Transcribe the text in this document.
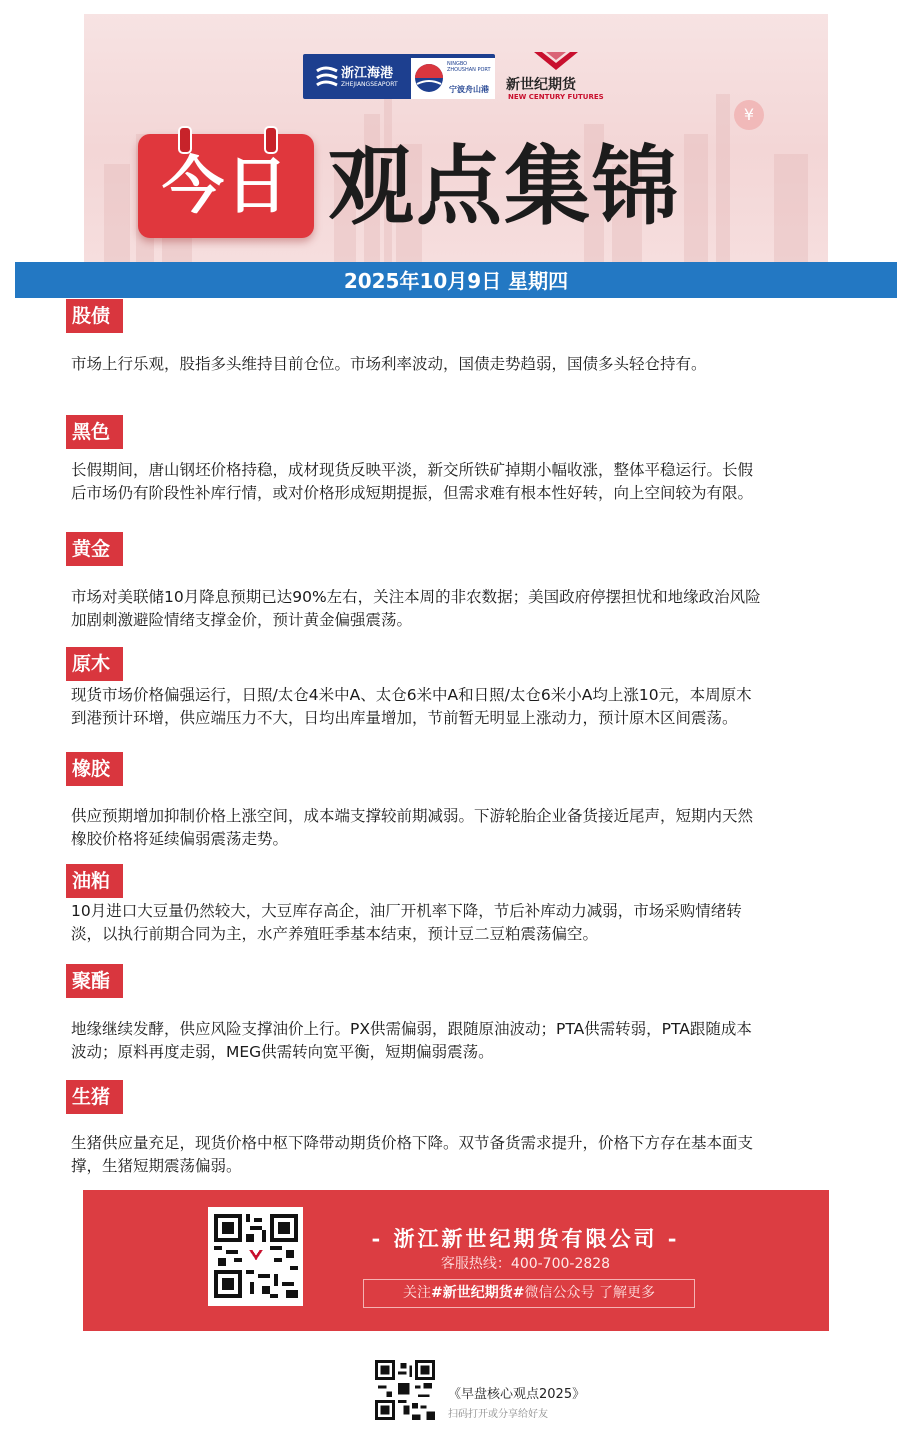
浙江海港
ZHEJIANGSEAPORT
NINGBO ZHOUSHAN PORT
宁波舟山港 新世纪期货
NEW CENTURY FUTURES
¥
今日 观点集锦
2025年10月9日 星期四
股债
市场上行乐观，股指多头维持目前仓位。市场利率波动，国债走势趋弱，国债多头轻仓持有。
黑色
长假期间，唐山钢坯价格持稳，成材现货反映平淡，新交所铁矿掉期小幅收涨，整体平稳运行。长假后市场仍有阶段性补库行情，或对价格形成短期提振，但需求难有根本性好转，向上空间较为有限。
黄金
市场对美联储10月降息预期已达90%左右，关注本周的非农数据；美国政府停摆担忧和地缘政治风险加剧刺激避险情绪支撑金价，预计黄金偏强震荡。
原木
现货市场价格偏强运行，日照/太仓4米中A、太仓6米中A和日照/太仓6米小A均上涨10元，本周原木到港预计环增，供应端压力不大，日均出库量增加，节前暂无明显上涨动力，预计原木区间震荡。
橡胶
供应预期增加抑制价格上涨空间，成本端支撑较前期减弱。下游轮胎企业备货接近尾声，短期内天然橡胶价格将延续偏弱震荡走势。
油粕
10月进口大豆量仍然较大，大豆库存高企，油厂开机率下降，节后补库动力减弱，市场采购情绪转淡，以执行前期合同为主，水产养殖旺季基本结束，预计豆二豆粕震荡偏空。
聚酯
地缘继续发酵，供应风险支撑油价上行。PX供需偏弱，跟随原油波动；PTA供需转弱，PTA跟随成本波动；原料再度走弱，MEG供需转向宽平衡，短期偏弱震荡。
生猪
生猪供应量充足，现货价格中枢下降带动期货价格下降。双节备货需求提升，价格下方存在基本面支撑，生猪短期震荡偏弱。
- 浙江新世纪期货有限公司 -
客服热线：400-700-2828
关注#新世纪期货#微信公众号 了解更多
《早盘核心观点2025》
扫码打开或分享给好友
